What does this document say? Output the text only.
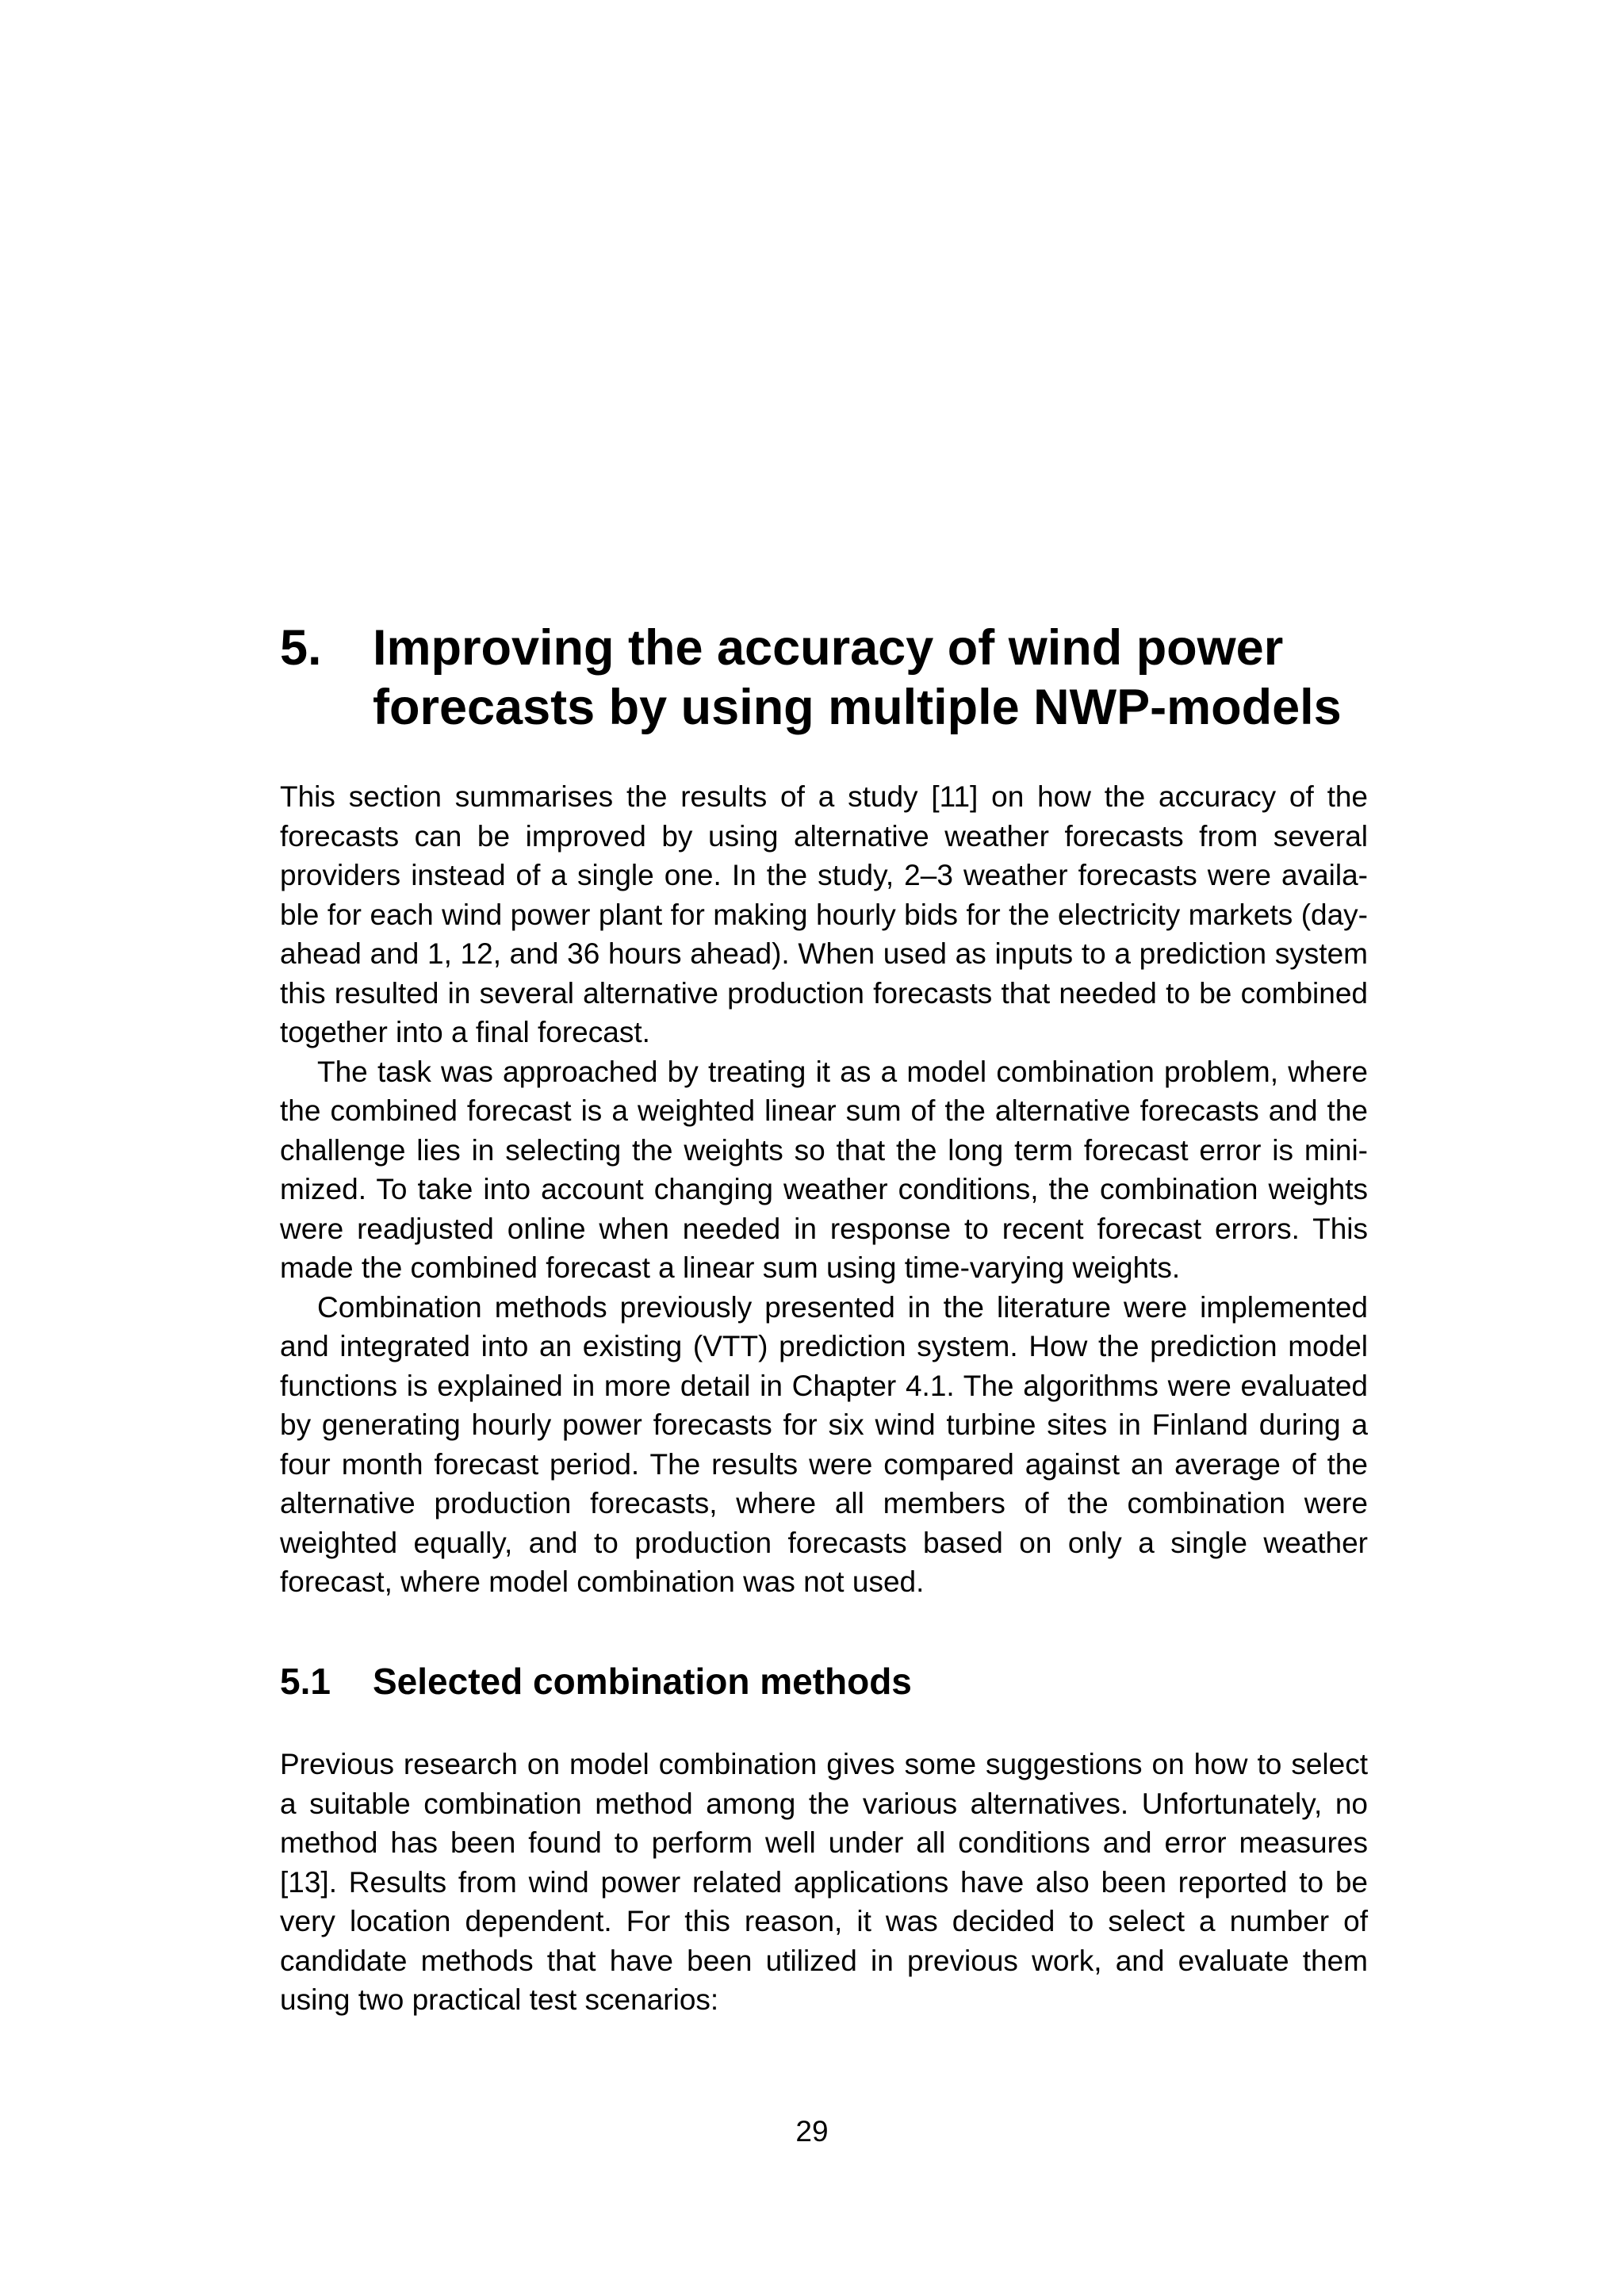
5. Improving the accuracy of wind power forecasts by using multiple NWP-models

This section summarises the results of a study [11] on how the accuracy of the forecasts can be improved by using alternative weather forecasts from several providers instead of a single one. In the study, 2–3 weather forecasts were available for each wind power plant for making hourly bids for the electricity markets (day-ahead and 1, 12, and 36 hours ahead). When used as inputs to a prediction system this resulted in several alternative production forecasts that needed to be combined together into a final forecast.

The task was approached by treating it as a model combination problem, where the combined forecast is a weighted linear sum of the alternative forecasts and the challenge lies in selecting the weights so that the long term forecast error is minimized. To take into account changing weather conditions, the combination weights were readjusted online when needed in response to recent forecast errors. This made the combined forecast a linear sum using time-varying weights.

Combination methods previously presented in the literature were implemented and integrated into an existing (VTT) prediction system. How the prediction model functions is explained in more detail in Chapter 4.1. The algorithms were evaluated by generating hourly power forecasts for six wind turbine sites in Finland during a four month forecast period. The results were compared against an average of the alternative production forecasts, where all members of the combination were weighted equally, and to production forecasts based on only a single weather forecast, where model combination was not used.

5.1 Selected combination methods

Previous research on model combination gives some suggestions on how to select a suitable combination method among the various alternatives. Unfortunately, no method has been found to perform well under all conditions and error measures [13]. Results from wind power related applications have also been reported to be very location dependent. For this reason, it was decided to select a number of candidate methods that have been utilized in previous work, and evaluate them using two practical test scenarios:

29
